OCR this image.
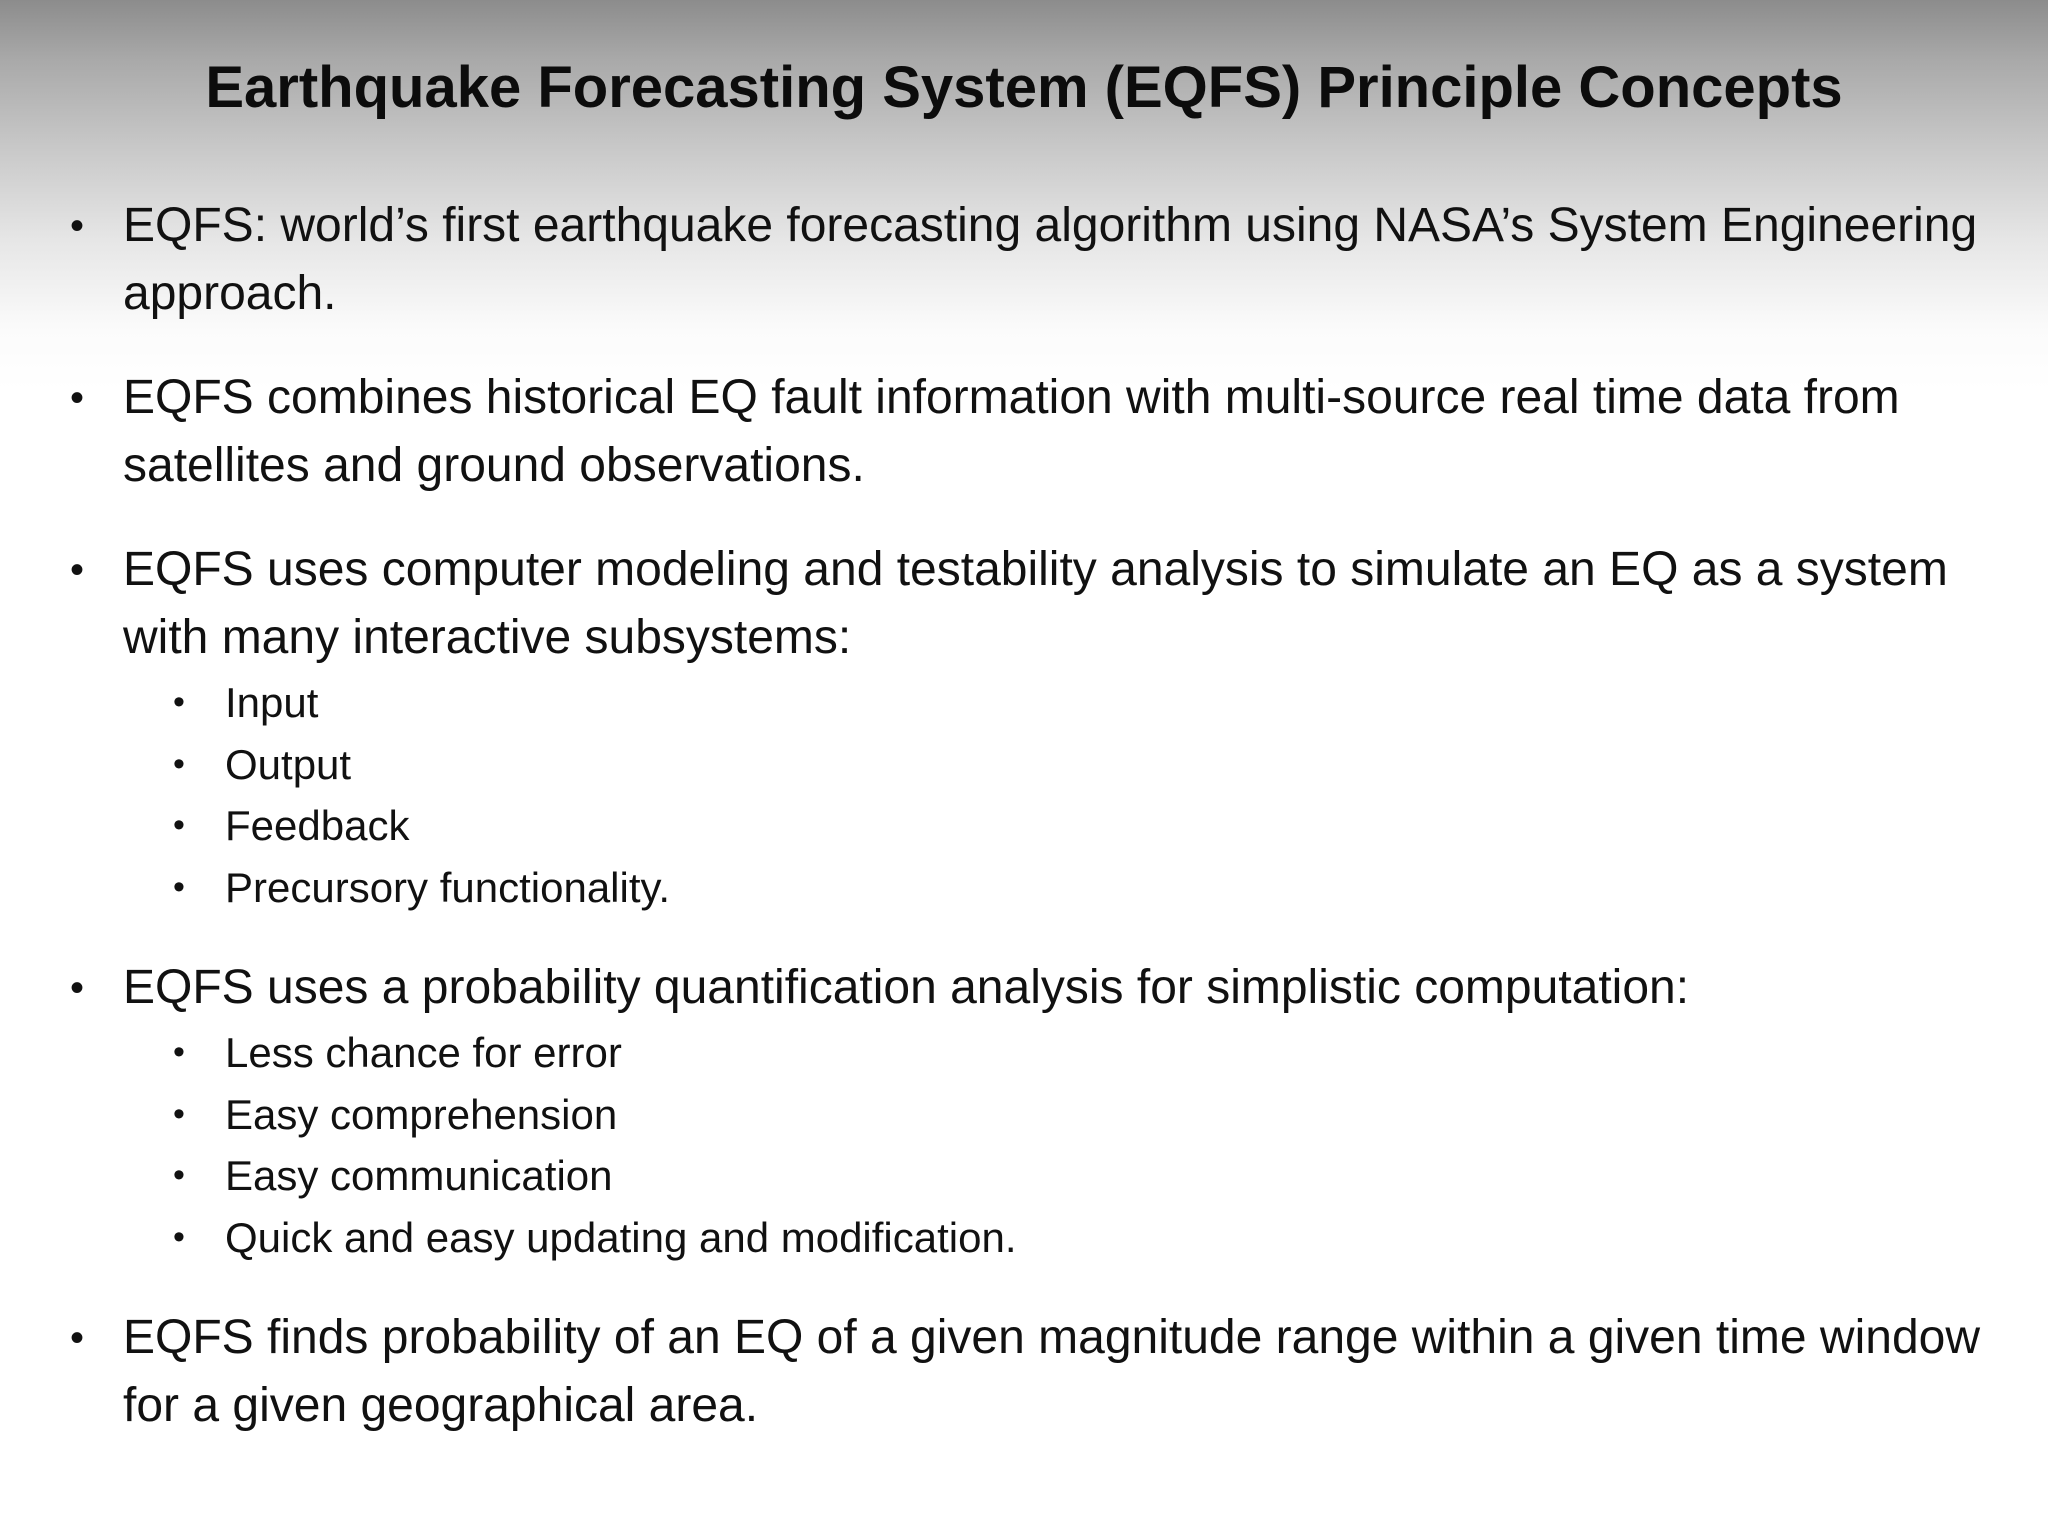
Earthquake Forecasting System (EQFS) Principle Concepts
• EQFS: world’s first earthquake forecasting algorithm using NASA’s System Engineering approach.
• EQFS combines historical EQ fault information with multi-source real time data from satellites and ground observations.
• EQFS uses computer modeling and testability analysis to simulate an EQ as a system with many interactive subsystems:
• Input
• Output
• Feedback
• Precursory functionality.
• EQFS uses a probability quantification analysis for simplistic computation:
• Less chance for error
• Easy comprehension
• Easy communication
• Quick and easy updating and modification.
• EQFS finds probability of an EQ of a given magnitude range within a given time window for a given geographical area.
